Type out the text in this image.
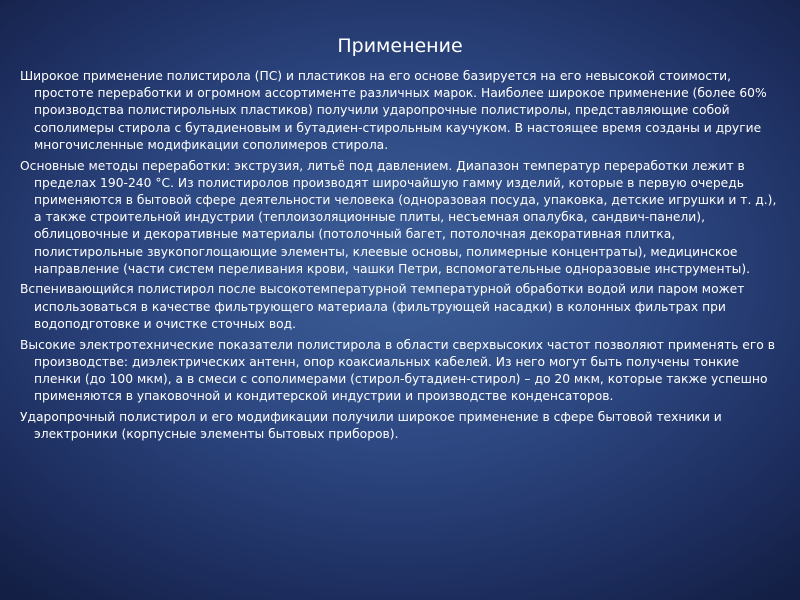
Применение

Широкое применение полистирола (ПС) и пластиков на его основе базируется на его невысокой стоимости, простоте переработки и огромном ассортименте различных марок. Наиболее широкое применение (более 60% производства полистирольных пластиков) получили ударопрочные полистиролы, представляющие собой сополимеры стирола с бутадиеновым и бутадиен-стирольным каучуком. В настоящее время созданы и другие многочисленные модификации сополимеров стирола.

Основные методы переработки: экструзия, литьё под давлением. Диапазон температур переработки лежит в пределах 190-240 °С. Из полистиролов производят широчайшую гамму изделий, которые в первую очередь применяются в бытовой сфере деятельности человека (одноразовая посуда, упаковка, детские игрушки и т. д.), а также строительной индустрии (теплоизоляционные плиты, несъемная опалубка, сандвич-панели), облицовочные и декоративные материалы (потолочный багет, потолочная декоративная плитка, полистирольные звукопоглощающие элементы, клеевые основы, полимерные концентраты), медицинское направление (части систем переливания крови, чашки Петри, вспомогательные одноразовые инструменты).

Вспенивающийся полистирол после высокотемпературной температурной обработки водой или паром может использоваться в качестве фильтрующего материала (фильтрующей насадки) в колонных фильтрах при водоподготовке и очистке сточных вод.

Высокие электротехнические показатели полистирола в области сверхвысоких частот позволяют применять его в производстве: диэлектрических антенн, опор коаксиальных кабелей. Из него могут быть получены тонкие пленки (до 100 мкм), а в смеси с сополимерами (стирол-бутадиен-стирол) – до 20 мкм, которые также успешно применяются в упаковочной и кондитерской индустрии и производстве конденсаторов.

Ударопрочный полистирол и его модификации получили широкое применение в сфере бытовой техники и электроники (корпусные элементы бытовых приборов).
